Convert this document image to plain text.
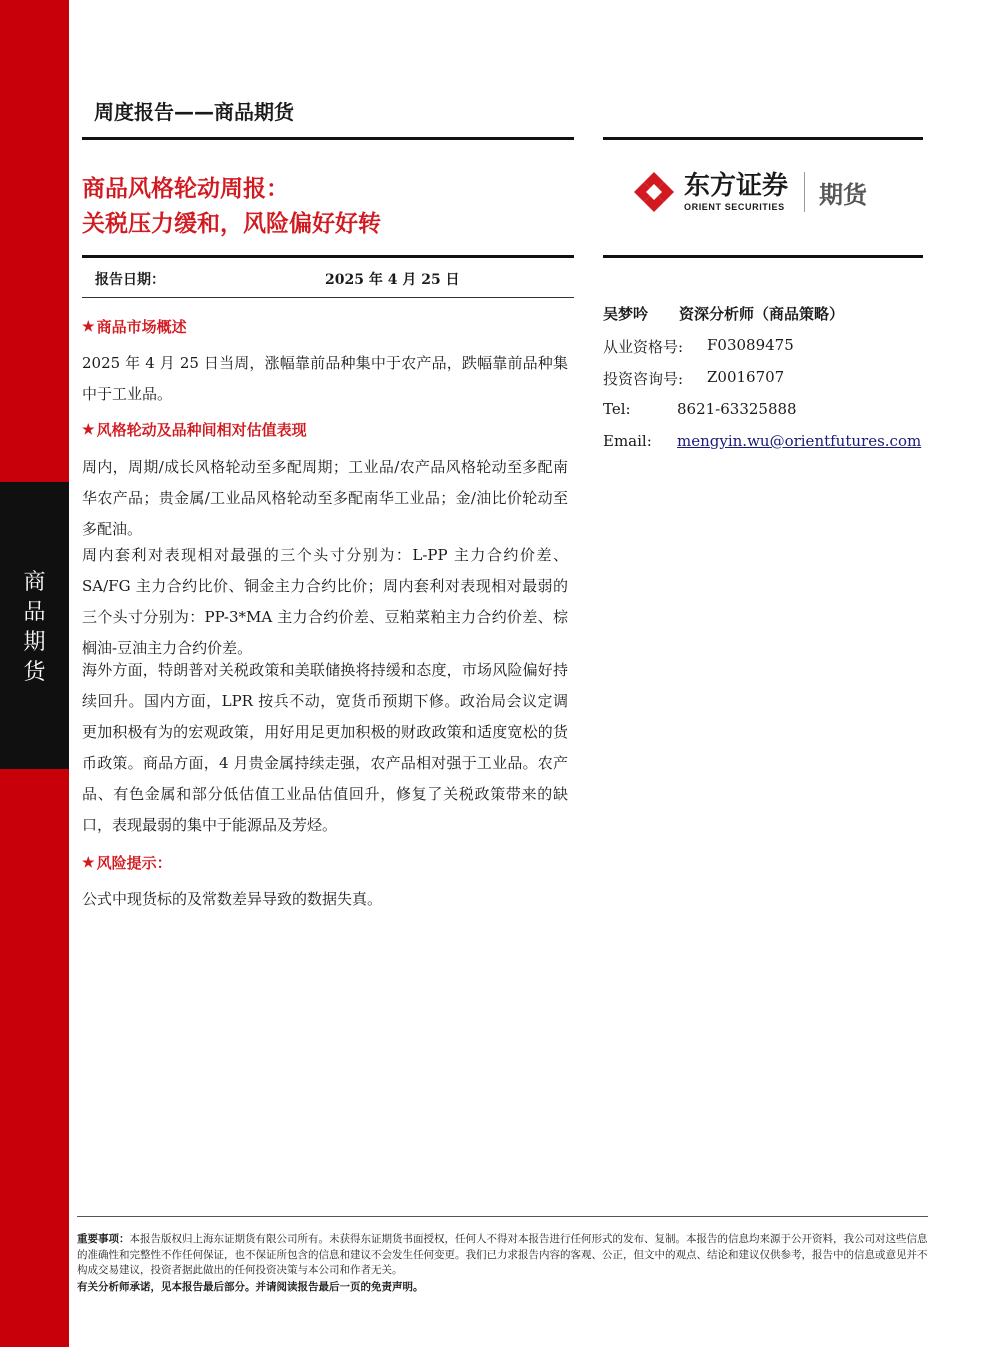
商品期货
周度报告——商品期货
商品风格轮动周报：
关税压力缓和，风险偏好好转
报告日期：	2025 年 4 月 25 日
★ 商品市场概述
2025 年 4 月 25 日当周，涨幅靠前品种集中于农产品，跌幅靠前品种集中于工业品。
★ 风格轮动及品种间相对估值表现
周内，周期/成长风格轮动至多配周期；工业品/农产品风格轮动至多配南华农产品；贵金属/工业品风格轮动至多配南华工业品；金/油比价轮动至多配油。
周内套利对表现相对最强的三个头寸分别为：L-PP 主力合约价差、SA/FG 主力合约比价、铜金主力合约比价；周内套利对表现相对最弱的三个头寸分别为：PP-3*MA 主力合约价差、豆粕菜粕主力合约价差、棕榈油-豆油主力合约价差。
海外方面，特朗普对关税政策和美联储换将持缓和态度，市场风险偏好持续回升。国内方面，LPR 按兵不动，宽货币预期下修。政治局会议定调更加积极有为的宏观政策，用好用足更加积极的财政政策和适度宽松的货币政策。商品方面，4 月贵金属持续走强，农产品相对强于工业品。农产品、有色金属和部分低估值工业品估值回升，修复了关税政策带来的缺口，表现最弱的集中于能源品及芳烃。
★ 风险提示：
公式中现货标的及常数差异导致的数据失真。
东方证券
ORIENT SECURITIES 期货
吴梦吟 资深分析师（商品策略）
从业资格号: F03089475
投资咨询号: Z0016707
Tel:	8621-63325888
Email: mengyin.wu@orientfutures.com
重要事项：本报告版权归上海东证期货有限公司所有。未获得东证期货书面授权，任何人不得对本报告进行任何形式的发布、复制。本报告的信息均来源于公开资料，我公司对这些信息的准确性和完整性不作任何保证，也不保证所包含的信息和建议不会发生任何变更。我们已力求报告内容的客观、公正，但文中的观点、结论和建议仅供参考，报告中的信息或意见并不构成交易建议，投资者据此做出的任何投资决策与本公司和作者无关。
有关分析师承诺，见本报告最后部分。并请阅读报告最后一页的免责声明。
